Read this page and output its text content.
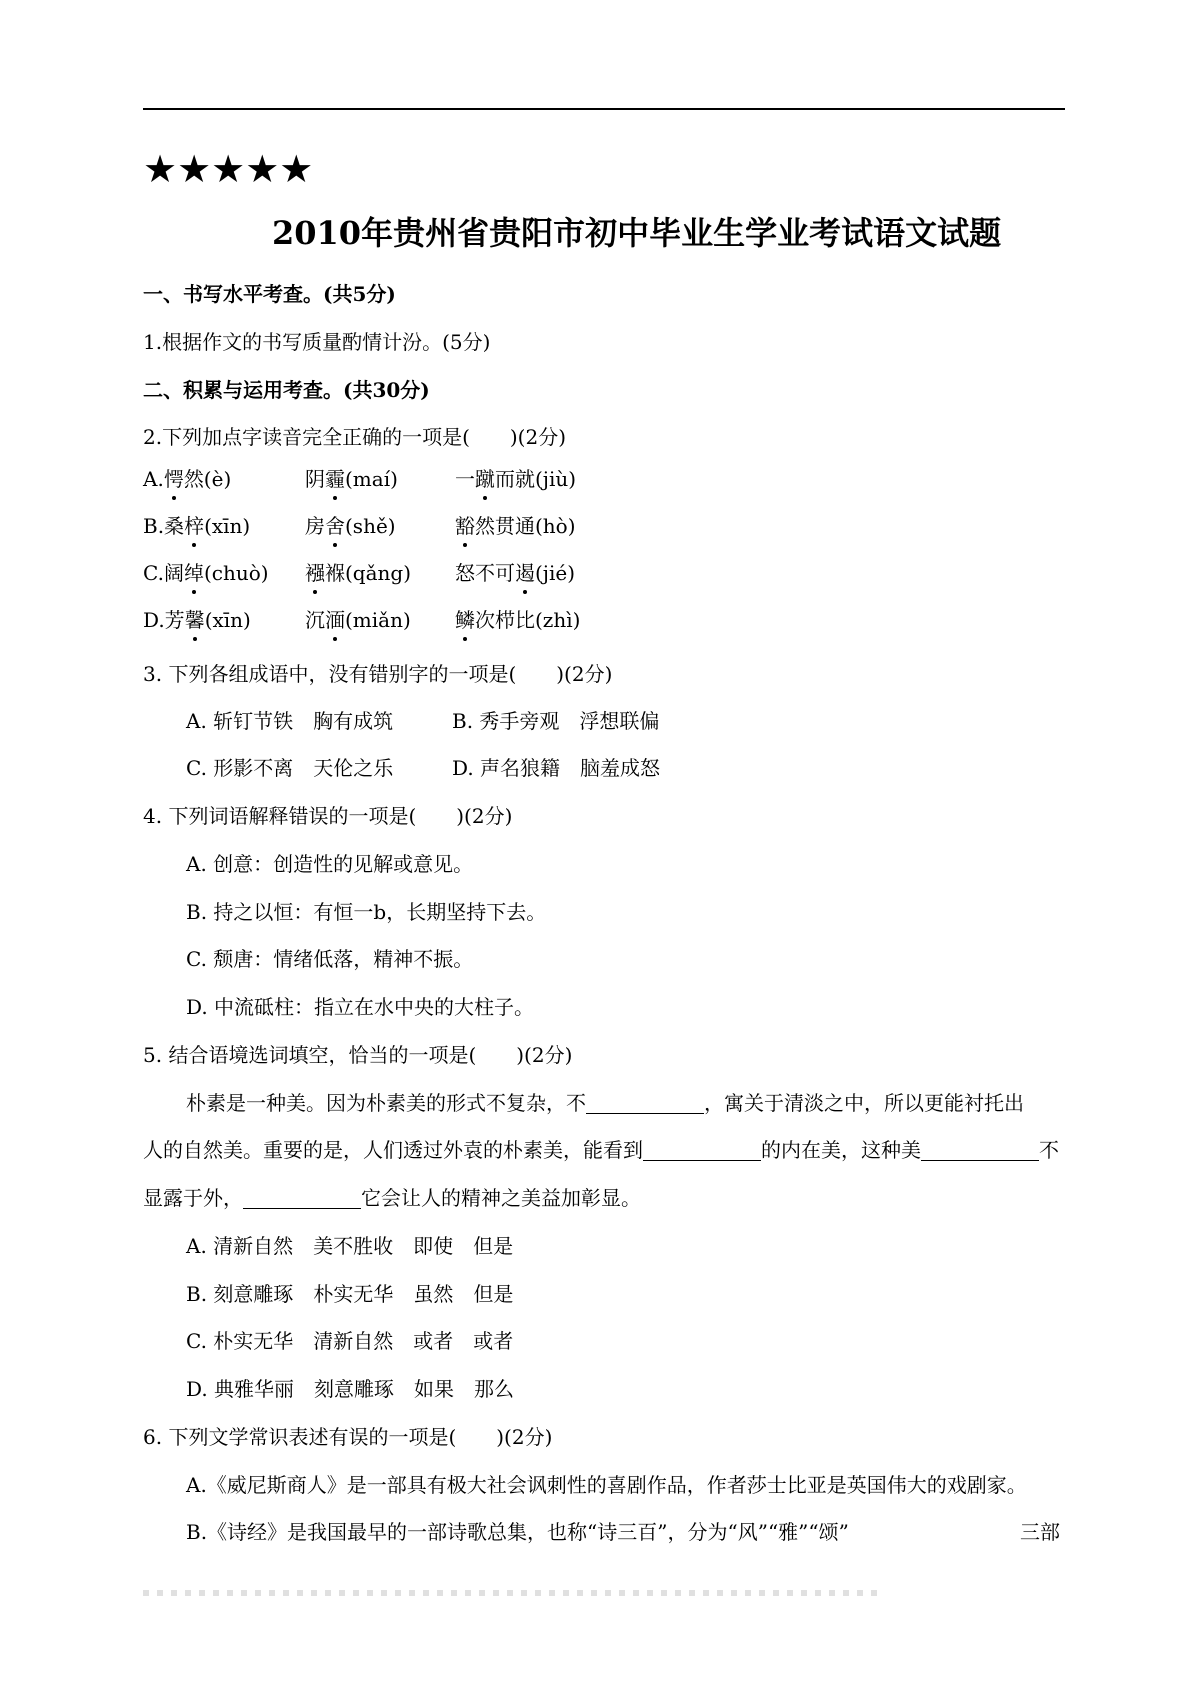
★★★★★
2010年贵州省贵阳市初中毕业生学业考试语文试题
一、书写水平考查。(共5分)
1.根据作文的书写质量酌情计汾。(5分)
二、积累与运用考查。(共30分)
2.下列加点字读音完全正确的一项是(　　)(2分)
A.愕然(è)	阴霾(maí)	一蹴而就(jiù)
B.桑梓(xīn)	房舍(shě)	豁然贯通(hò)
C.阔绰(chuò) 襁褓(qǎng) 怒不可遏(jié)
D.芳馨(xīn)	沉湎(miǎn) 鳞次栉比(zhì)
3. 下列各组成语中，没有错别字的一项是(　　)(2分)
A. 斩钉节铁　胸有成筑	B. 秀手旁观　浮想联偏
C. 形影不离　天伦之乐	D. 声名狼籍　脑羞成怒
4. 下列词语解释错误的一项是(　　)(2分)
A. 创意：创造性的见解或意见。
B. 持之以恒：有恒一b，长期坚持下去。
C. 颓唐：情绪低落，精神不振。
D. 中流砥柱：指立在水中央的大柱子。
5. 结合语境选词填空，恰当的一项是(　　)(2分)
朴素是一种美。因为朴素美的形式不复杂，不	，寓关于清淡之中，所以更能衬托出
人的自然美。重要的是，人们透过外袁的朴素美，能看到	的内在美，这种美	不
显露于外，	它会让人的精神之美益加彰显。
A. 清新自然　美不胜收　即使　但是
B. 刻意雕琢　朴实无华　虽然　但是
C. 朴实无华　清新自然　或者　或者
D. 典雅华丽　刻意雕琢　如果　那么
6. 下列文学常识表述有误的一项是(　　)(2分)
A.《威尼斯商人》是一部具有极大社会讽刺性的喜剧作品，作者莎士比亚是英国伟大的戏剧家。
B.《诗经》是我国最早的一部诗歌总集，也称“诗三百”，分为“风”“雅”“颂”	三部
